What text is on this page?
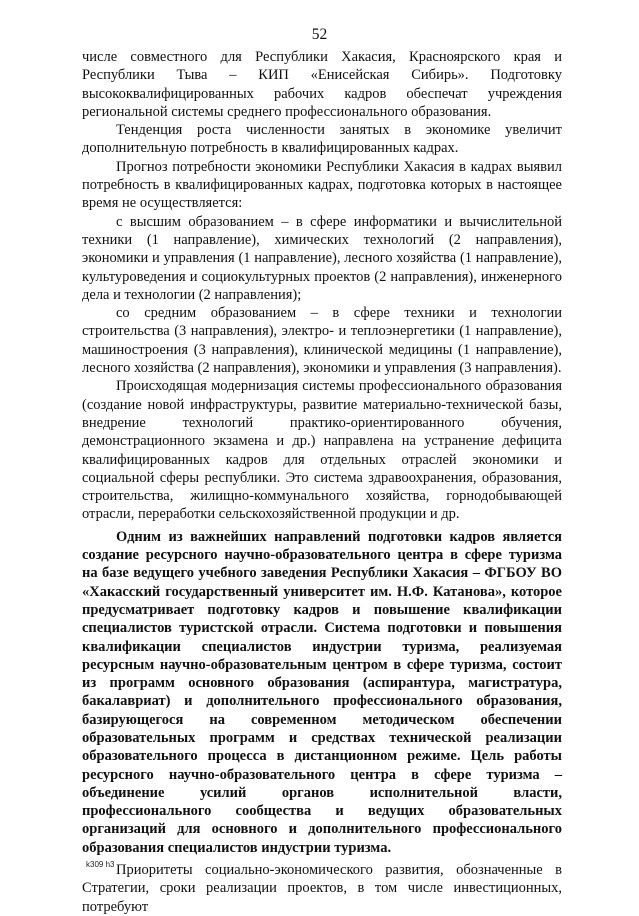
52

числе совместного для Республики Хакасия, Красноярского края и Республики Тыва – КИП «Енисейская Сибирь». Подготовку высококвалифицированных рабочих кадров обеспечат учреждения региональной системы среднего профессионального образования.

Тенденция роста численности занятых в экономике увеличит дополнительную потребность в квалифицированных кадрах.

Прогноз потребности экономики Республики Хакасия в кадрах выявил потребность в квалифицированных кадрах, подготовка которых в настоящее время не осуществляется:

с высшим образованием – в сфере информатики и вычислительной техники (1 направление), химических технологий (2 направления), экономики и управления (1 направление), лесного хозяйства (1 направление), культуроведения и социокультурных проектов (2 направления), инженерного дела и технологии (2 направления);

со средним образованием – в сфере техники и технологии строительства (3 направления), электро- и теплоэнергетики (1 направление), машиностроения (3 направления), клинической медицины (1 направление), лесного хозяйства (2 направления), экономики и управления (3 направления).

Происходящая модернизация системы профессионального образования (создание новой инфраструктуры, развитие материально-технической базы, внедрение технологий практико-ориентированного обучения, демонстрационного экзамена и др.) направлена на устранение дефицита квалифицированных кадров для отдельных отраслей экономики и социальной сферы республики. Это система здравоохранения, образования, строительства, жилищно-коммунального хозяйства, горнодобывающей отрасли, переработки сельскохозяйственной продукции и др.

Одним из важнейших направлений подготовки кадров является создание ресурсного научно-образовательного центра в сфере туризма на базе ведущего учебного заведения Республики Хакасия – ФГБОУ ВО «Хакасский государственный университет им. Н.Ф. Катанова», которое предусматривает подготовку кадров и повышение квалификации специалистов туристской отрасли. Система подготовки и повышения квалификации специалистов индустрии туризма, реализуемая ресурсным научно-образовательным центром в сфере туризма, состоит из программ основного образования (аспирантура, магистратура, бакалавриат) и дополнительного профессионального образования, базирующегося на современном методическом обеспечении образовательных программ и средствах технической реализации образовательного процесса в дистанционном режиме. Цель работы ресурсного научно-образовательного центра в сфере туризма – объединение усилий органов исполнительной власти, профессионального сообщества и ведущих образовательных организаций для основного и дополнительного профессионального образования специалистов индустрии туризма.

Приоритеты социально-экономического развития, обозначенные в Стратегии, сроки реализации проектов, в том числе инвестиционных, потребуют

k309 h3
